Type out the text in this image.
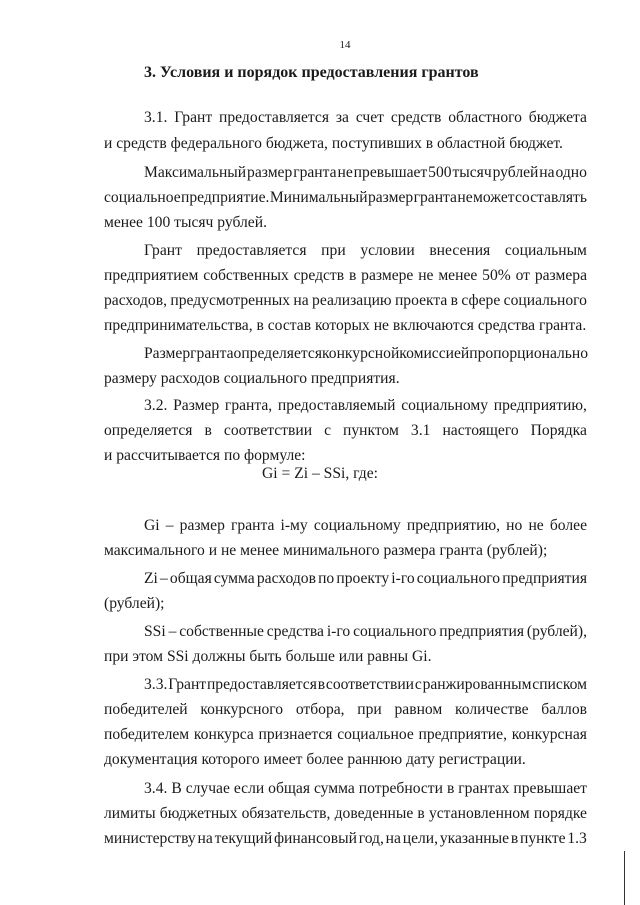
14
3. Условия и порядок предоставления грантов
3.1. Грант предоставляется за счет средств областного бюджета
и средств федерального бюджета, поступивших в областной бюджет.
Максимальный размер гранта не превышает 500 тысяч рублей на одно
социальное предприятие. Минимальный размер гранта не может составлять
менее 100 тысяч рублей.
Грант предоставляется при условии внесения социальным
предприятием собственных средств в размере не менее 50% от размера
расходов, предусмотренных на реализацию проекта в сфере социального
предпринимательства, в состав которых не включаются средства гранта.
Размер гранта определяется конкурсной комиссией пропорционально
размеру расходов социального предприятия.
3.2. Размер гранта, предоставляемый социальному предприятию,
определяется в соответствии с пунктом 3.1 настоящего Порядка
и рассчитывается по формуле:
Gi = Zi – SSi, где:
Gi – размер гранта i-му социальному предприятию, но не более
максимального и не менее минимального размера гранта (рублей);
Zi – общая сумма расходов по проекту i-го социального предприятия
(рублей);
SSi – собственные средства i-го социального предприятия (рублей),
при этом SSi должны быть больше или равны Gi.
3.3. Грант предоставляется в соответствии с ранжированным списком
победителей конкурсного отбора, при равном количестве баллов
победителем конкурса признается социальное предприятие, конкурсная
документация которого имеет более раннюю дату регистрации.
3.4. В случае если общая сумма потребности в грантах превышает
лимиты бюджетных обязательств, доведенные в установленном порядке
министерству на текущий финансовый год, на цели, указанные в пункте 1.3
